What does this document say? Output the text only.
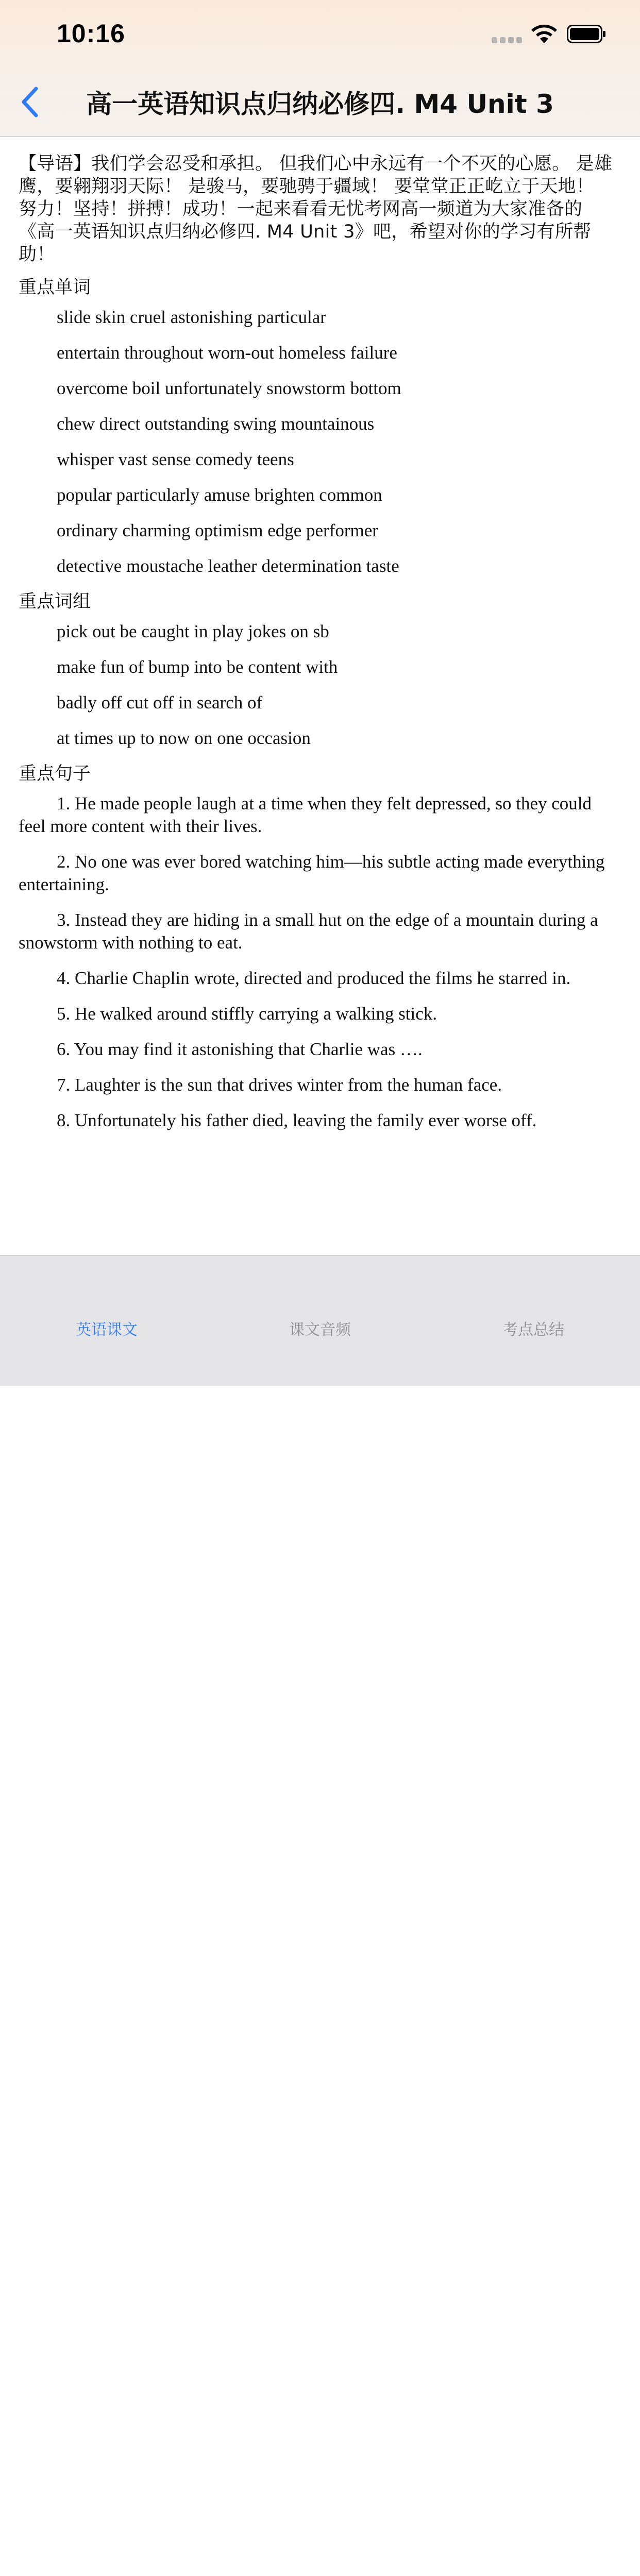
10:16
高一英语知识点归纳必修四. M4 Unit 3

【导语】我们学会忍受和承担。 但我们心中永远有一个不灭的心愿。 是雄鹰，要翱翔羽天际！ 是骏马，要驰骋于疆域！ 要堂堂正正屹立于天地！ 努力！坚持！拼搏！成功！一起来看看无忧考网高一频道为大家准备的《高一英语知识点归纳必修四. M4 Unit 3》吧，希望对你的学习有所帮助！

重点单词
slide skin cruel astonishing particular
entertain throughout worn-out homeless failure
overcome boil unfortunately snowstorm bottom
chew direct outstanding swing mountainous
whisper vast sense comedy teens
popular particularly amuse brighten common
ordinary charming optimism edge performer
detective moustache leather determination taste
重点词组
pick out be caught in play jokes on sb
make fun of bump into be content with
badly off cut off in search of
at times up to now on one occasion
重点句子
1. He made people laugh at a time when they felt depressed, so they could feel more content with their lives.
2. No one was ever bored watching him—his subtle acting made everything entertaining.
3. Instead they are hiding in a small hut on the edge of a mountain during a snowstorm with nothing to eat.
4. Charlie Chaplin wrote, directed and produced the films he starred in.
5. He walked around stiffly carrying a walking stick.
6. You may find it astonishing that Charlie was ….
7. Laughter is the sun that drives winter from the human face.
8. Unfortunately his father died, leaving the family ever worse off.
英语课文	课文音频	考点总结
